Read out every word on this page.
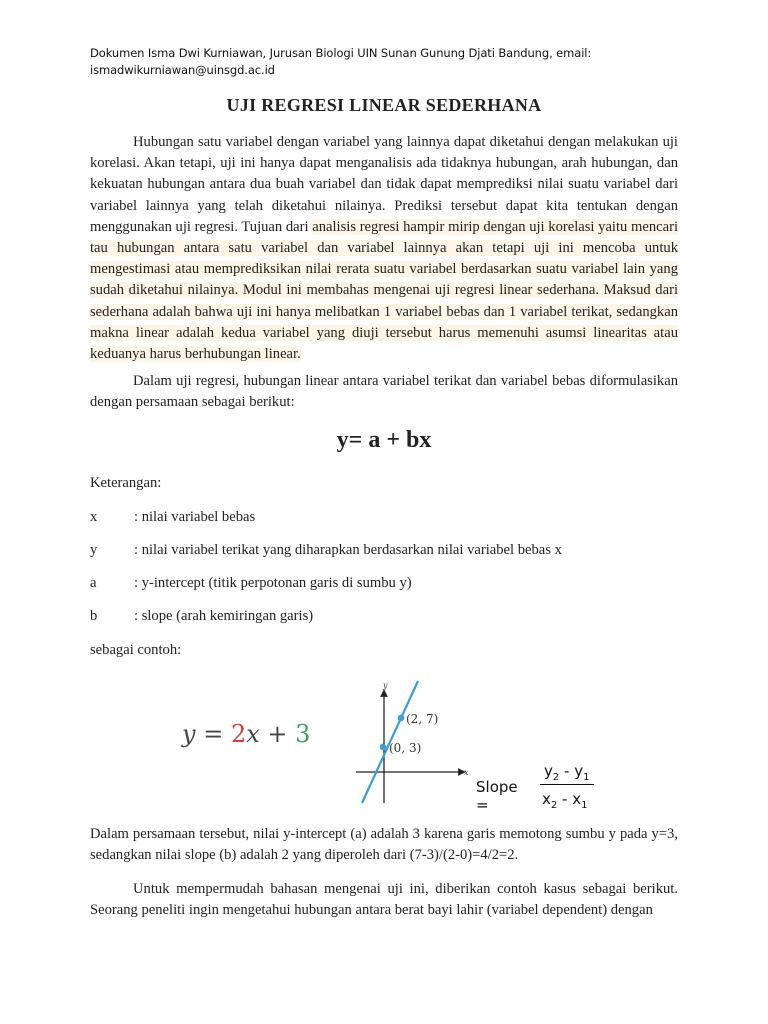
Dokumen Isma Dwi Kurniawan, Jurusan Biologi UIN Sunan Gunung Djati Bandung, email:
ismadwikurniawan@uinsgd.ac.id
UJI REGRESI LINEAR SEDERHANA

Hubungan satu variabel dengan variabel yang lainnya dapat diketahui dengan melakukan uji korelasi. Akan tetapi, uji ini hanya dapat menganalisis ada tidaknya hubungan, arah hubungan, dan kekuatan hubungan antara dua buah variabel dan tidak dapat memprediksi nilai suatu variabel dari variabel lainnya yang telah diketahui nilainya. Prediksi tersebut dapat kita tentukan dengan menggunakan uji regresi. Tujuan dari analisis regresi hampir mirip dengan uji korelasi yaitu mencari tau hubungan antara satu variabel dan variabel lainnya akan tetapi uji ini mencoba untuk mengestimasi atau memprediksikan nilai rerata suatu variabel berdasarkan suatu variabel lain yang sudah diketahui nilainya. Modul ini membahas mengenai uji regresi linear sederhana. Maksud dari sederhana adalah bahwa uji ini hanya melibatkan 1 variabel bebas dan 1 variabel terikat, sedangkan makna linear adalah kedua variabel yang diuji tersebut harus memenuhi asumsi linearitas atau keduanya harus berhubungan linear.

Dalam uji regresi, hubungan linear antara variabel terikat dan variabel bebas diformulasikan dengan persamaan sebagai berikut:

y= a + bx
Keterangan:
x	: nilai variabel bebas
y	: nilai variabel terikat yang diharapkan berdasarkan nilai variabel bebas x
a	: y-intercept (titik perpotonan garis di sumbu y)
b	: slope (arah kemiringan garis)
sebagai contoh:
y = 2x + 3
y
x
(2, 7)
(0, 3)
Slope =
$y_2 - y_1$
$x_2 - x_1$

Dalam persamaan tersebut, nilai y-intercept (a) adalah 3 karena garis memotong sumbu y pada y=3, sedangkan nilai slope (b) adalah 2 yang diperoleh dari (7-3)/(2-0)=4/2=2.

Untuk mempermudah bahasan mengenai uji ini, diberikan contoh kasus sebagai berikut. Seorang peneliti ingin mengetahui hubungan antara berat bayi lahir (variabel dependent) dengan
